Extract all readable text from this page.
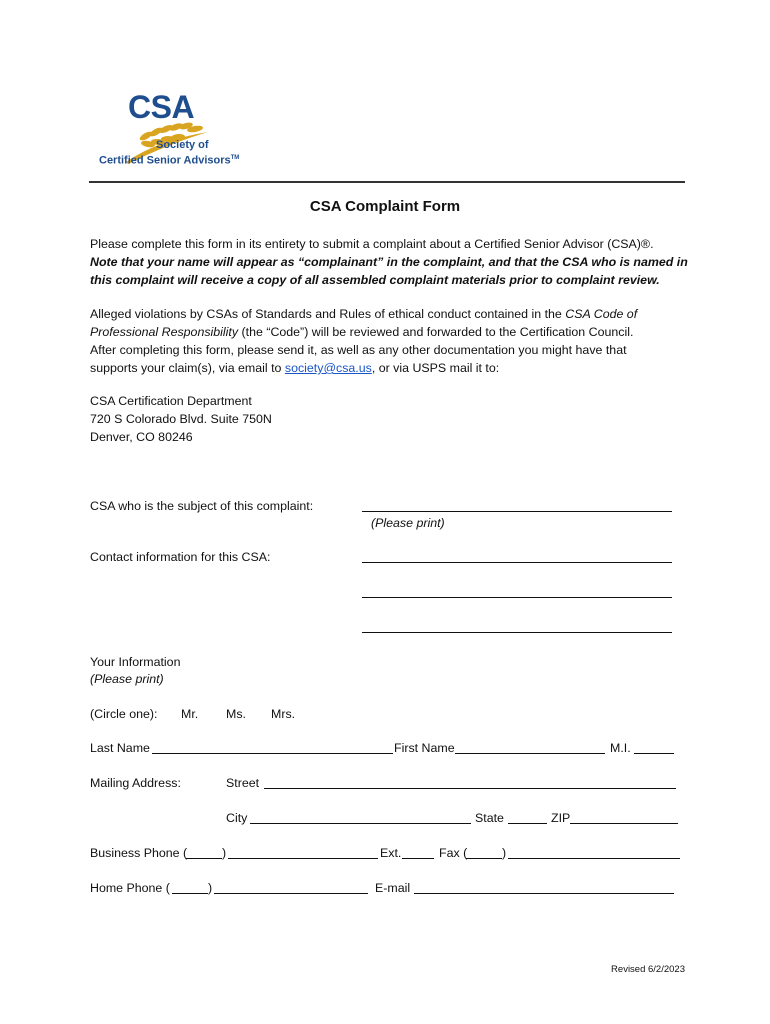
CSA
Society of
Certified Senior Advisors™
CSA Complaint Form
Please complete this form in its entirety to submit a complaint about a Certified Senior Advisor (CSA)®.
Note that your name will appear as “complainant” in the complaint, and that the CSA who is named in
this complaint will receive a copy of all assembled complaint materials prior to complaint review.
Alleged violations by CSAs of Standards and Rules of ethical conduct contained in the CSA Code of
Professional Responsibility (the “Code”) will be reviewed and forwarded to the Certification Council.
After completing this form, please send it, as well as any other documentation you might have that
supports your claim(s), via email to society@csa.us, or via USPS mail it to:
CSA Certification Department
720 S Colorado Blvd. Suite 750N
Denver, CO 80246
CSA who is the subject of this complaint:
(Please print)
Contact information for this CSA:
Your Information
(Please print)
(Circle one): Mr. Ms. Mrs.
Last Name	First Name	M.I.
Mailing Address:	Street
City	State	ZIP
Business Phone (	)	Ext.	Fax (	)
Home Phone (	)	E-mail
Revised 6/2/2023
